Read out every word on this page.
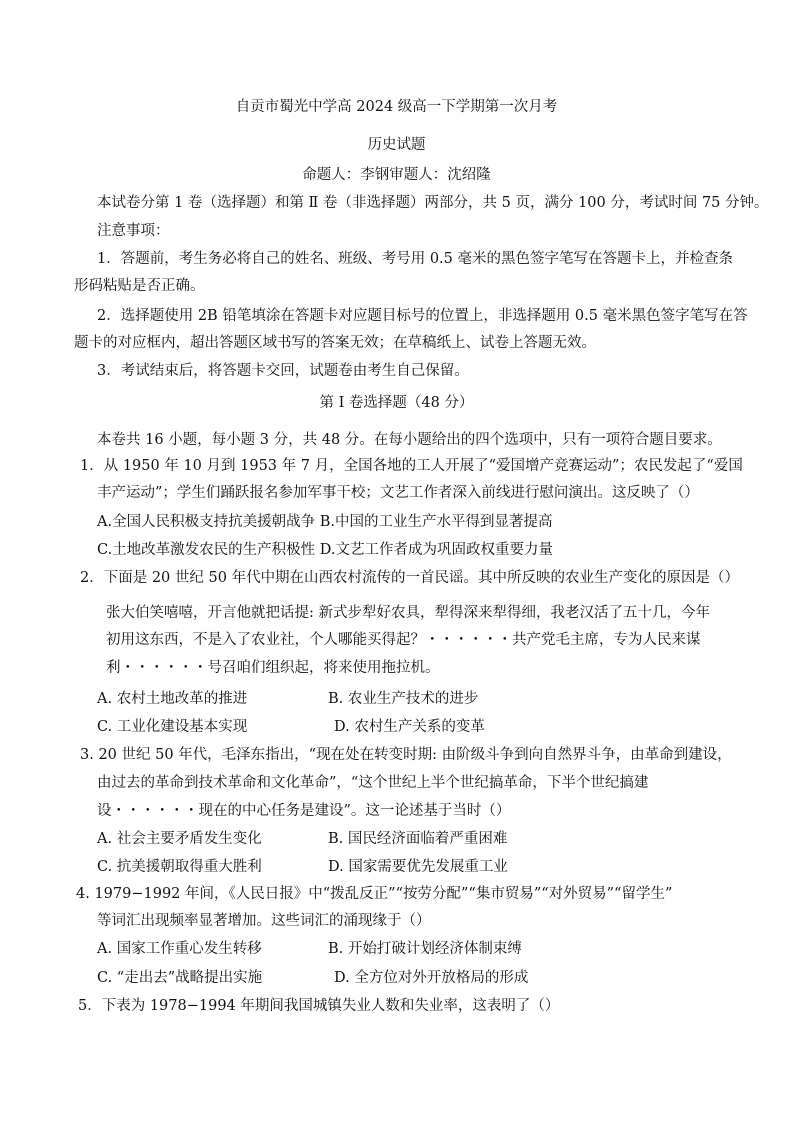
自贡市蜀光中学高 2024 级高一下学期第一次月考
历史试题
命题人：李钢审题人：沈绍隆
本试卷分第 1 卷（选择题）和第 Ⅱ 卷（非选择题）两部分，共 5 页，满分 100 分，考试时间 75 分钟。
注意事项：
1．答题前，考生务必将自己的姓名、班级、考号用 0.5 毫米的黑色签字笔写在答题卡上，并检查条
形码粘贴是否正确。
2．选择题使用 2B 铅笔填涂在答题卡对应题目标号的位置上，非选择题用 0.5 毫米黑色签字笔写在答
题卡的对应框内，超出答题区域书写的答案无效；在草稿纸上、试卷上答题无效。
3．考试结束后，将答题卡交回，试题卷由考生自己保留。
第 I 卷选择题（48 分）
本卷共 16 小题，每小题 3 分，共 48 分。在每小题给出的四个选项中，只有一项符合题目要求。
1．从 1950 年 10 月到 1953 年 7 月，全国各地的工人开展了“爱国增产竞赛运动”；农民发起了“爱国
丰产运动”；学生们踊跃报名参加军事干校；文艺工作者深入前线进行慰问演出。这反映了（）
A.全国人民积极支持抗美援朝战争 B.中国的工业生产水平得到显著提高
C.土地改革激发农民的生产积极性 D.文艺工作者成为巩固政权重要力量
2．下面是 20 世纪 50 年代中期在山西农村流传的一首民谣。其中所反映的农业生产变化的原因是（）
张大伯笑嘻嘻，开言他就把话提: 新式步犁好农具，犁得深来犁得细，我老汉活了五十几，今年
初用这东西，不是入了农业社，个人哪能买得起？・・・・・・共产党毛主席，专为人民来谋
利・・・・・・号召咱们组织起，将来使用拖拉机。
A. 农村土地改革的推进	B. 农业生产技术的进步
C. 工业化建设基本实现	D. 农村生产关系的变革
3. 20 世纪 50 年代，毛泽东指出，“现在处在转变时期: 由阶级斗争到向自然界斗争，由革命到建设，
由过去的革命到技术革命和文化革命”，“这个世纪上半个世纪搞革命，下半个世纪搞建
设・・・・・・现在的中心任务是建设”。这一论述基于当时（）
A. 社会主要矛盾发生变化	B. 国民经济面临着严重困难
C. 抗美援朝取得重大胜利	D. 国家需要优先发展重工业
4. 1979−1992 年间，《人民日报》中“拨乱反正”“按劳分配”“集市贸易”“对外贸易”“留学生”
等词汇出现频率显著增加。这些词汇的涌现缘于（）
A. 国家工作重心发生转移	B. 开始打破计划经济体制束缚
C. “走出去”战略提出实施	D. 全方位对外开放格局的形成
5．下表为 1978−1994 年期间我国城镇失业人数和失业率，这表明了（）
